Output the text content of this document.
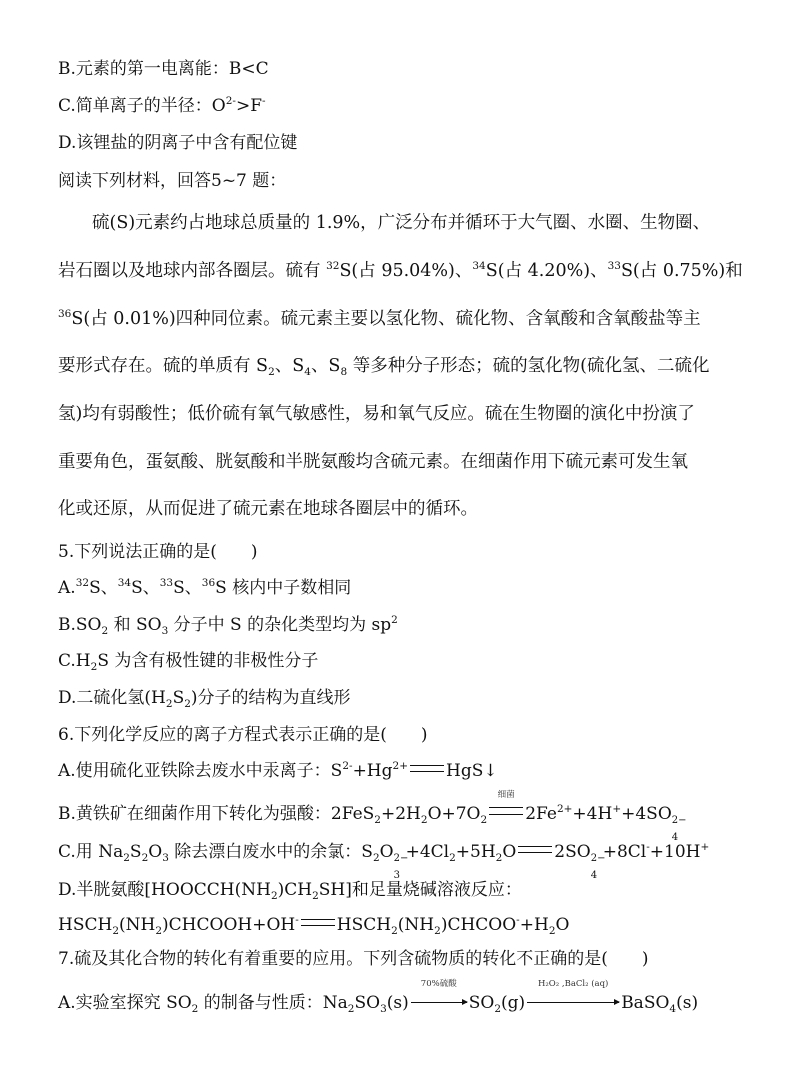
B.元素的第一电离能：B<C
C.简单离子的半径：$O^{2-}>F^-$
D.该锂盐的阴离子中含有配位键
阅读下列材料，回答5~7 题：
硫(S)元素约占地球总质量的 1.9%，广泛分布并循环于大气圈、水圈、生物圈、
岩石圈以及地球内部各圈层。硫有 $^{32}$S(占 95.04%)、$^{34}$S(占 4.20%)、$^{33}$S(占 0.75%)和
$^{36}$S(占 0.01%)四种同位素。硫元素主要以氢化物、硫化物、含氧酸和含氧酸盐等主
要形式存在。硫的单质有 $S_2$、$S_4$、$S_8$ 等多种分子形态；硫的氢化物(硫化氢、二硫化
氢)均有弱酸性；低价硫有氧气敏感性，易和氧气反应。硫在生物圈的演化中扮演了
重要角色，蛋氨酸、胱氨酸和半胱氨酸均含硫元素。在细菌作用下硫元素可发生氧
化或还原，从而促进了硫元素在地球各圈层中的循环。
5.下列说法正确的是(　　)
A.$^{32}$S、$^{34}$S、$^{33}$S、$^{36}$S 核内中子数相同
$B.SO_2$ 和 $SO_3$ 分子中 S 的杂化类型均为 $sp^2$
$C.H_2S$ 为含有极性键的非极性分子
D.二硫化氢$(H_2S_2)$分子的结构为直线形
6.下列化学反应的离子方程式表示正确的是(　　)
A.使用硫化亚铁除去废水中汞离子：$S^{2-}+Hg^{2+}$ HgS↓
B.黄铁矿在细菌作用下转化为强酸：$2FeS_2+2H_2O+7O_2$
细菌
$2Fe^{2+}+4H^++4SO$ 2−
4
C.用 $Na_2S_2O_3$ 除去漂白废水中的余氯：$S_2O$ 2−
3
$+4Cl_2+5H_2O$ 2SO 2−
4
+8Cl-+10H+
D.半胱氨酸$[HOOCCH(NH_2)CH_2SH]$和足量烧碱溶液反应：
$HSCH_2(NH_2)CHCOOH+OH^-$ $HSCH_2(NH_2)CHCOO^-+H_2O$
7.硫及其化合物的转化有着重要的应用。下列含硫物质的转化不正确的是(　　)
A.实验室探究 $SO_2$ 的制备与性质：$Na_2SO_3(s)$
70%硫酸
$SO_2(g)$
H₂O₂ ,BaCl₂ (aq)
BaSO$_4$(s)
